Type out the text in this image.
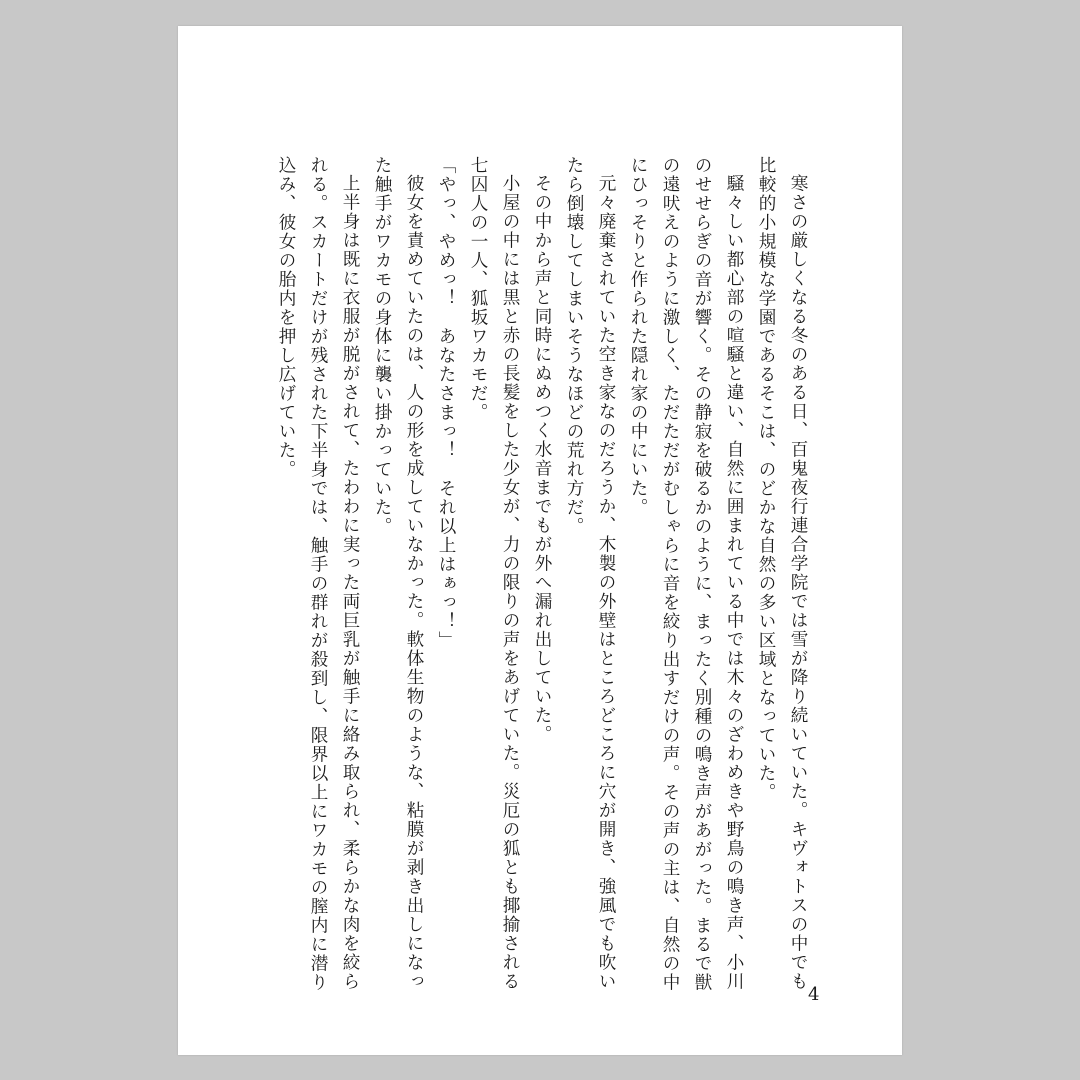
寒さの厳しくなる冬のある日、百鬼夜行連合学院では雪が降り続いていた。キヴォトスの中でも比較的小規模な学園であるそこは、のどかな自然の多い区域となっていた。

騒々しい都心部の喧騒と違い、自然に囲まれている中では木々のざわめきや野鳥の鳴き声、小川のせせらぎの音が響く。その静寂を破るかのように、まったく別種の鳴き声があがった。まるで獣の遠吠えのように激しく、ただただがむしゃらに音を絞り出すだけの声。その声の主は、自然の中にひっそりと作られた隠れ家の中にいた。

元々廃棄されていた空き家なのだろうか、木製の外壁はところどころに穴が開き、強風でも吹いたら倒壊してしまいそうなほどの荒れ方だ。

その中から声と同時にぬめつく水音までもが外へ漏れ出していた。

小屋の中には黒と赤の長髪をした少女が、力の限りの声をあげていた。災厄の狐とも揶揄される七囚人の一人、狐坂ワカモだ。

「やっ、やめっ！　あなたさまっ！　それ以上はぁっ！」

彼女を責めていたのは、人の形を成していなかった。軟体生物のような、粘膜が剥き出しになった触手がワカモの身体に襲い掛かっていた。

上半身は既に衣服が脱がされて、たわわに実った両巨乳が触手に絡み取られ、柔らかな肉を絞られる。スカートだけが残された下半身では、触手の群れが殺到し、限界以上にワカモの膣内に潜り込み、彼女の胎内を押し広げていた。

4
